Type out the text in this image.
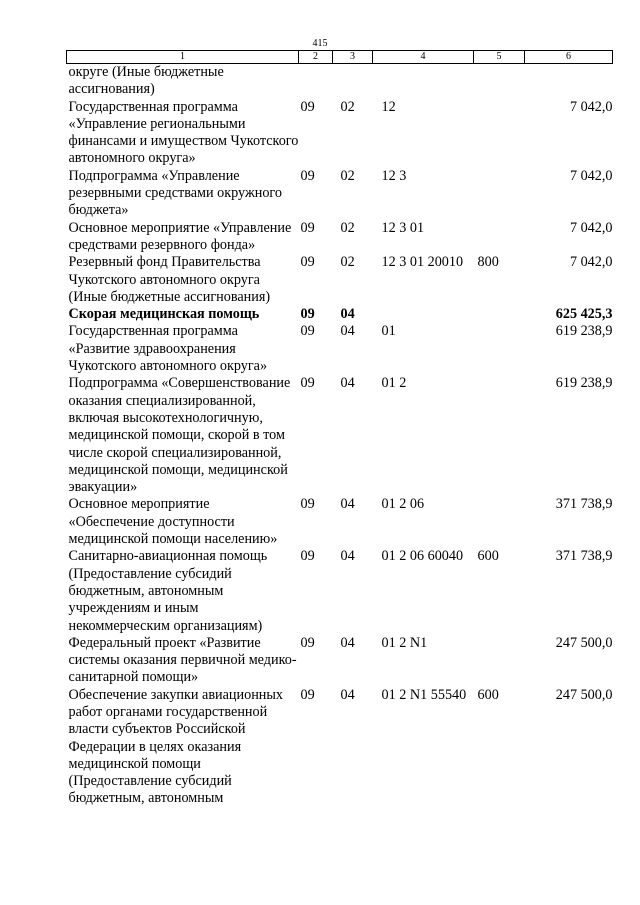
415
1	2	3	4	5	6
округе (Иные бюджетные ассигнования)					
Государственная программа «Управление региональными финансами и имуществом Чукотского автономного округа»	09	02	12		7 042,0
Подпрограмма «Управление резервными средствами окружного бюджета»	09	02	12 3		7 042,0
Основное мероприятие «Управление средствами резервного фонда»	09	02	12 3 01		7 042,0
Резервный фонд Правительства Чукотского автономного округа (Иные бюджетные ассигнования)	09	02	12 3 01 20010	800	7 042,0
Скорая медицинская помощь	09	04			625 425,3
Государственная программа «Развитие здравоохранения Чукотского автономного округа»	09	04	01		619 238,9
Подпрограмма «Совершенствование оказания специализированной, включая высокотехнологичную, медицинской помощи, скорой в том числе скорой специализированной, медицинской помощи, медицинской эвакуации»	09	04	01 2		619 238,9
Основное мероприятие «Обеспечение доступности медицинской помощи населению»	09	04	01 2 06		371 738,9
Санитарно-авиационная помощь (Предоставление субсидий бюджетным, автономным учреждениям и иным некоммерческим организациям)	09	04	01 2 06 60040	600	371 738,9
Федеральный проект «Развитие системы оказания первичной медико-санитарной помощи»	09	04	01 2 N1		247 500,0
Обеспечение закупки авиационных работ органами государственной власти субъектов Российской Федерации в целях оказания медицинской помощи (Предоставление субсидий бюджетным, автономным	09	04	01 2 N1 55540	600	247 500,0
